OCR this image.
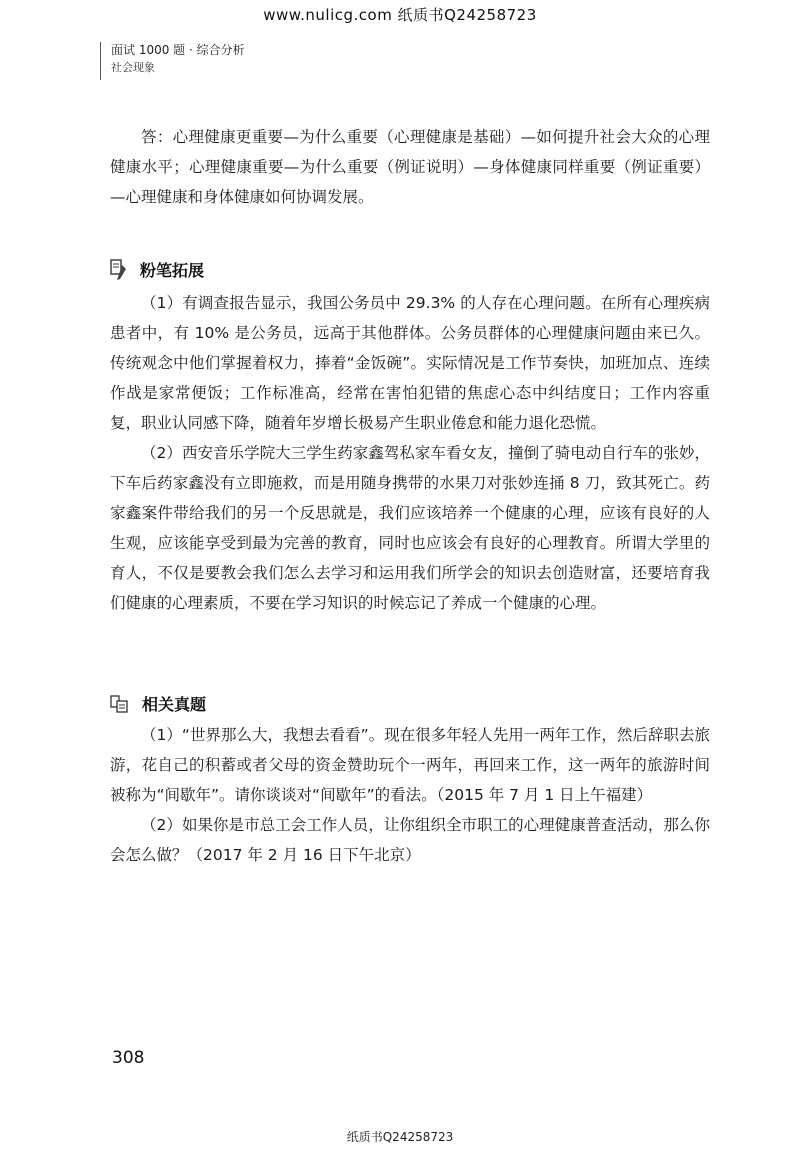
www.nulicg.com 纸质书Q24258723
面试 1000 题 · 综合分析
社会现象

答：心理健康更重要—为什么重要（心理健康是基础）—如何提升社会大众的心理健康水平；心理健康重要—为什么重要（例证说明）—身体健康同样重要（例证重要）—心理健康和身体健康如何协调发展。

粉笔拓展

（1）有调查报告显示，我国公务员中 29.3% 的人存在心理问题。在所有心理疾病患者中，有 10% 是公务员，远高于其他群体。公务员群体的心理健康问题由来已久。传统观念中他们掌握着权力，捧着“金饭碗”。实际情况是工作节奏快，加班加点、连续作战是家常便饭；工作标准高，经常在害怕犯错的焦虑心态中纠结度日；工作内容重复，职业认同感下降，随着年岁增长极易产生职业倦怠和能力退化恐慌。

（2）西安音乐学院大三学生药家鑫驾私家车看女友，撞倒了骑电动自行车的张妙，下车后药家鑫没有立即施救，而是用随身携带的水果刀对张妙连捅 8 刀，致其死亡。药家鑫案件带给我们的另一个反思就是，我们应该培养一个健康的心理，应该有良好的人生观，应该能享受到最为完善的教育，同时也应该会有良好的心理教育。所谓大学里的育人，不仅是要教会我们怎么去学习和运用我们所学会的知识去创造财富，还要培育我们健康的心理素质，不要在学习知识的时候忘记了养成一个健康的心理。

相关真题

（1）“世界那么大，我想去看看”。现在很多年轻人先用一两年工作，然后辞职去旅游，花自己的积蓄或者父母的资金赞助玩个一两年，再回来工作，这一两年的旅游时间被称为“间歇年”。请你谈谈对“间歇年”的看法。（2015 年 7 月 1 日上午福建）

（2）如果你是市总工会工作人员，让你组织全市职工的心理健康普查活动，那么你会怎么做？（2017 年 2 月 16 日下午北京）

308
纸质书Q24258723
